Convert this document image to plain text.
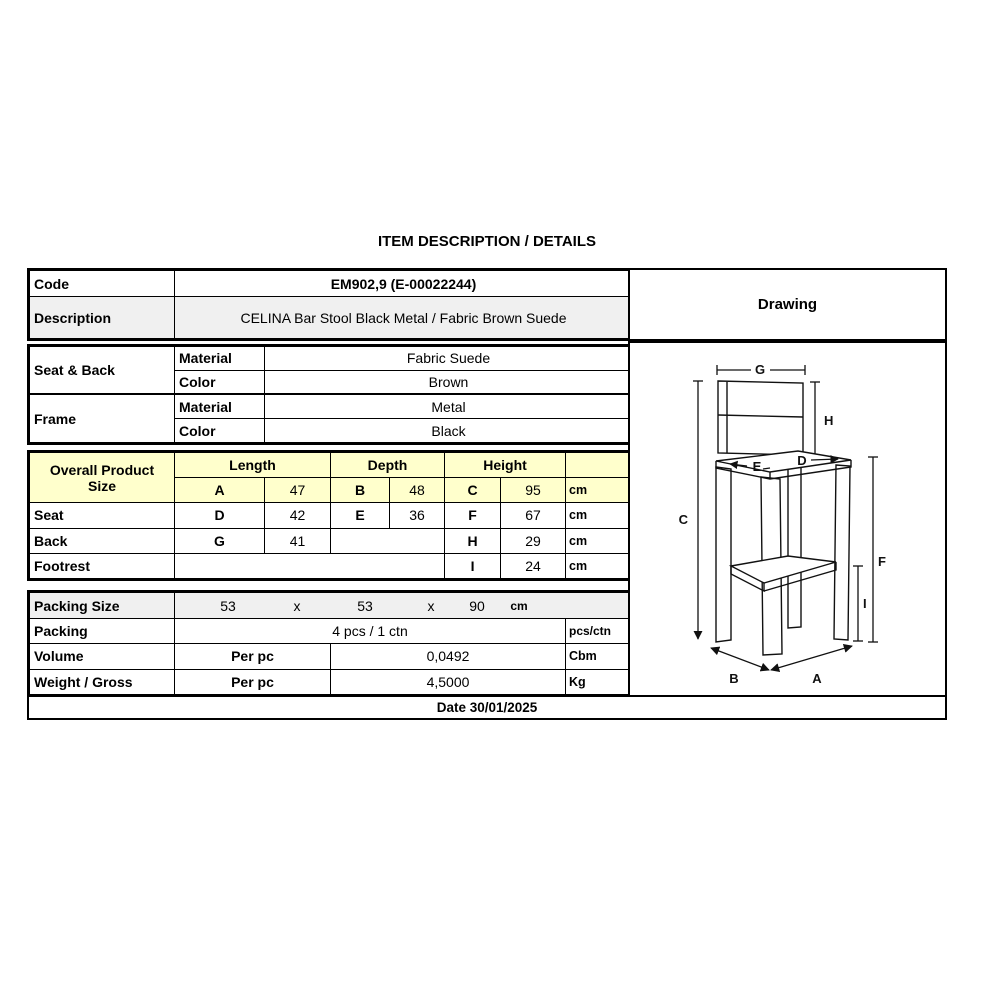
ITEM DESCRIPTION / DETAILS
Code	EM902,9 (E-00022244)
Description	CELINA Bar Stool Black Metal / Fabric Brown Suede
Seat & Back	Material	Fabric Suede
	Color	Brown
Frame	Material	Metal
	Color	Black
Overall Product Size	Length		Depth		Height		
	A	47	B	48	C	95	cm
Seat	D	42	E	36	F	67	cm
Back	G	41			H	29	cm
Footrest					I	24	cm
Packing Size	53	x	53	x 90 cm

Packing	4 pcs / 1 ctn		pcs/ctn
Volume	Per pc	0,0492	Cbm
Weight / Gross	Per pc	4,5000	Kg
Drawing
G
C
H
F
I
E	D
B	A
Date 30/01/2025
